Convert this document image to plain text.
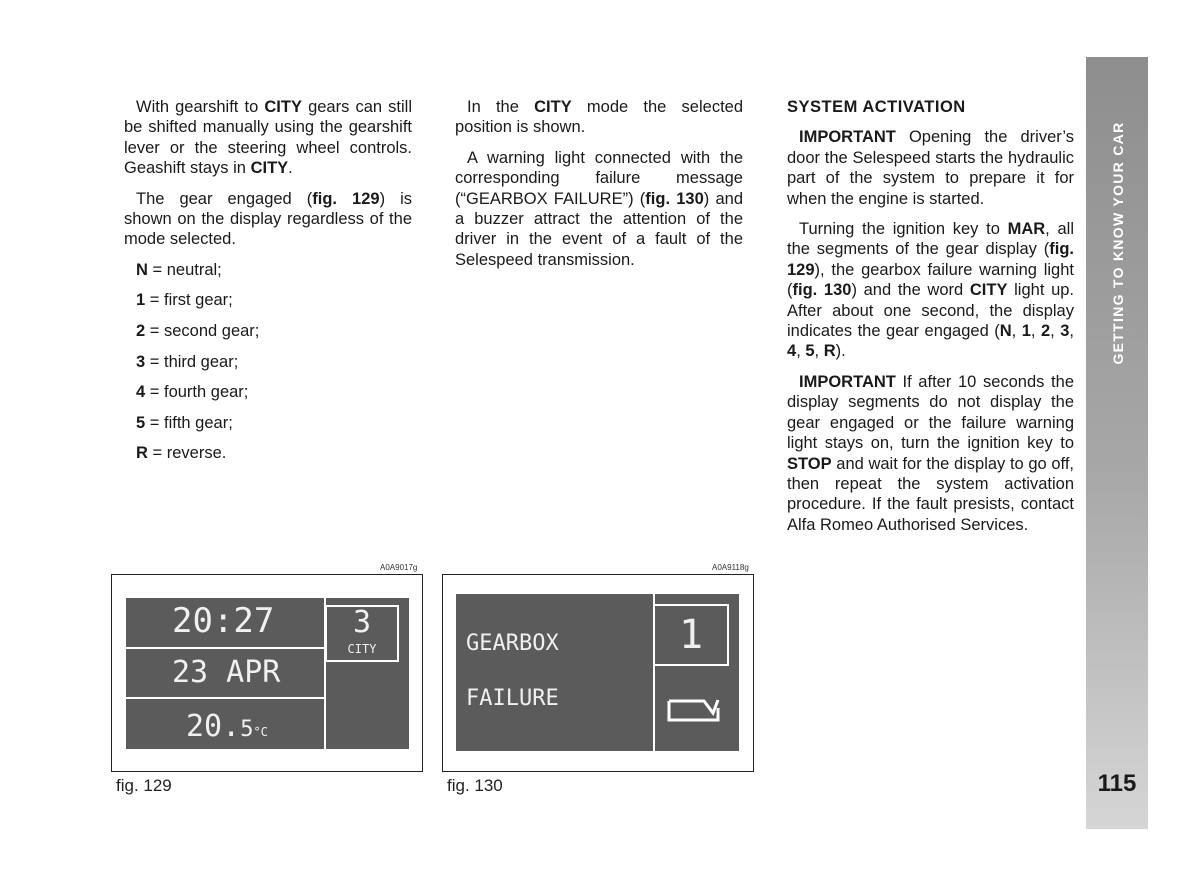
With gearshift to CITY gears can still be shifted manually using the gearshift lever or the steering wheel controls. Geashift stays in CITY.

The gear engaged (fig. 129) is shown on the display regardless of the mode selected.

N = neutral;
1 = first gear;
2 = second gear;
3 = third gear;
4 = fourth gear;
5 = fifth gear;
R = reverse.

In the CITY mode the selected position is shown.

A warning light connected with the corresponding failure message (“GEARBOX FAILURE”) (fig. 130) and a buzzer attract the attention of the driver in the event of a fault of the Selespeed transmission.

SYSTEM ACTIVATION

IMPORTANT Opening the driver’s door the Selespeed starts the hydraulic part of the system to prepare it for when the engine is started.

Turning the ignition key to MAR, all the segments of the gear display (fig. 129), the gearbox failure warning light (fig. 130) and the word CITY light up. After about one second, the display indicates the gear engaged (N, 1, 2, 3, 4, 5, R).

IMPORTANT If after 10 seconds the display segments do not display the gear engaged or the failure warning light stays on, turn the ignition key to STOP and wait for the display to go off, then repeat the system activation procedure. If the fault presists, contact Alfa Romeo Authorised Services.

GETTING TO KNOW YOUR CAR
115
A0A9017g
20:27
23 APR
20.5°C
3
CITY
fig. 129
A0A9118g
GEARBOX
FAILURE
1
fig. 130
